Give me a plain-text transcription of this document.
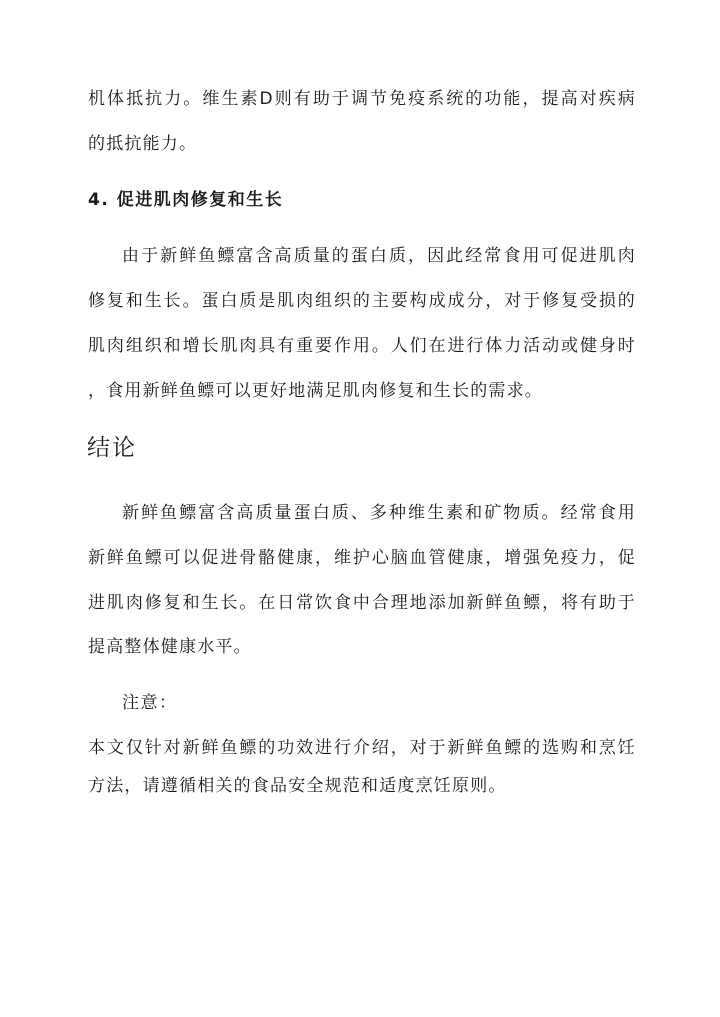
机体抵抗力。维生素D则有助于调节免疫系统的功能，提高对疾病
的抵抗能力。
4. 促进肌肉修复和生长
由于新鲜鱼鳔富含高质量的蛋白质，因此经常食用可促进肌肉
修复和生长。蛋白质是肌肉组织的主要构成成分，对于修复受损的
肌肉组织和增长肌肉具有重要作用。人们在进行体力活动或健身时
，食用新鲜鱼鳔可以更好地满足肌肉修复和生长的需求。
结论
新鲜鱼鳔富含高质量蛋白质、多种维生素和矿物质。经常食用
新鲜鱼鳔可以促进骨骼健康，维护心脑血管健康，增强免疫力，促
进肌肉修复和生长。在日常饮食中合理地添加新鲜鱼鳔，将有助于
提高整体健康水平。
注意：
本文仅针对新鲜鱼鳔的功效进行介绍，对于新鲜鱼鳔的选购和烹饪
方法，请遵循相关的食品安全规范和适度烹饪原则。
